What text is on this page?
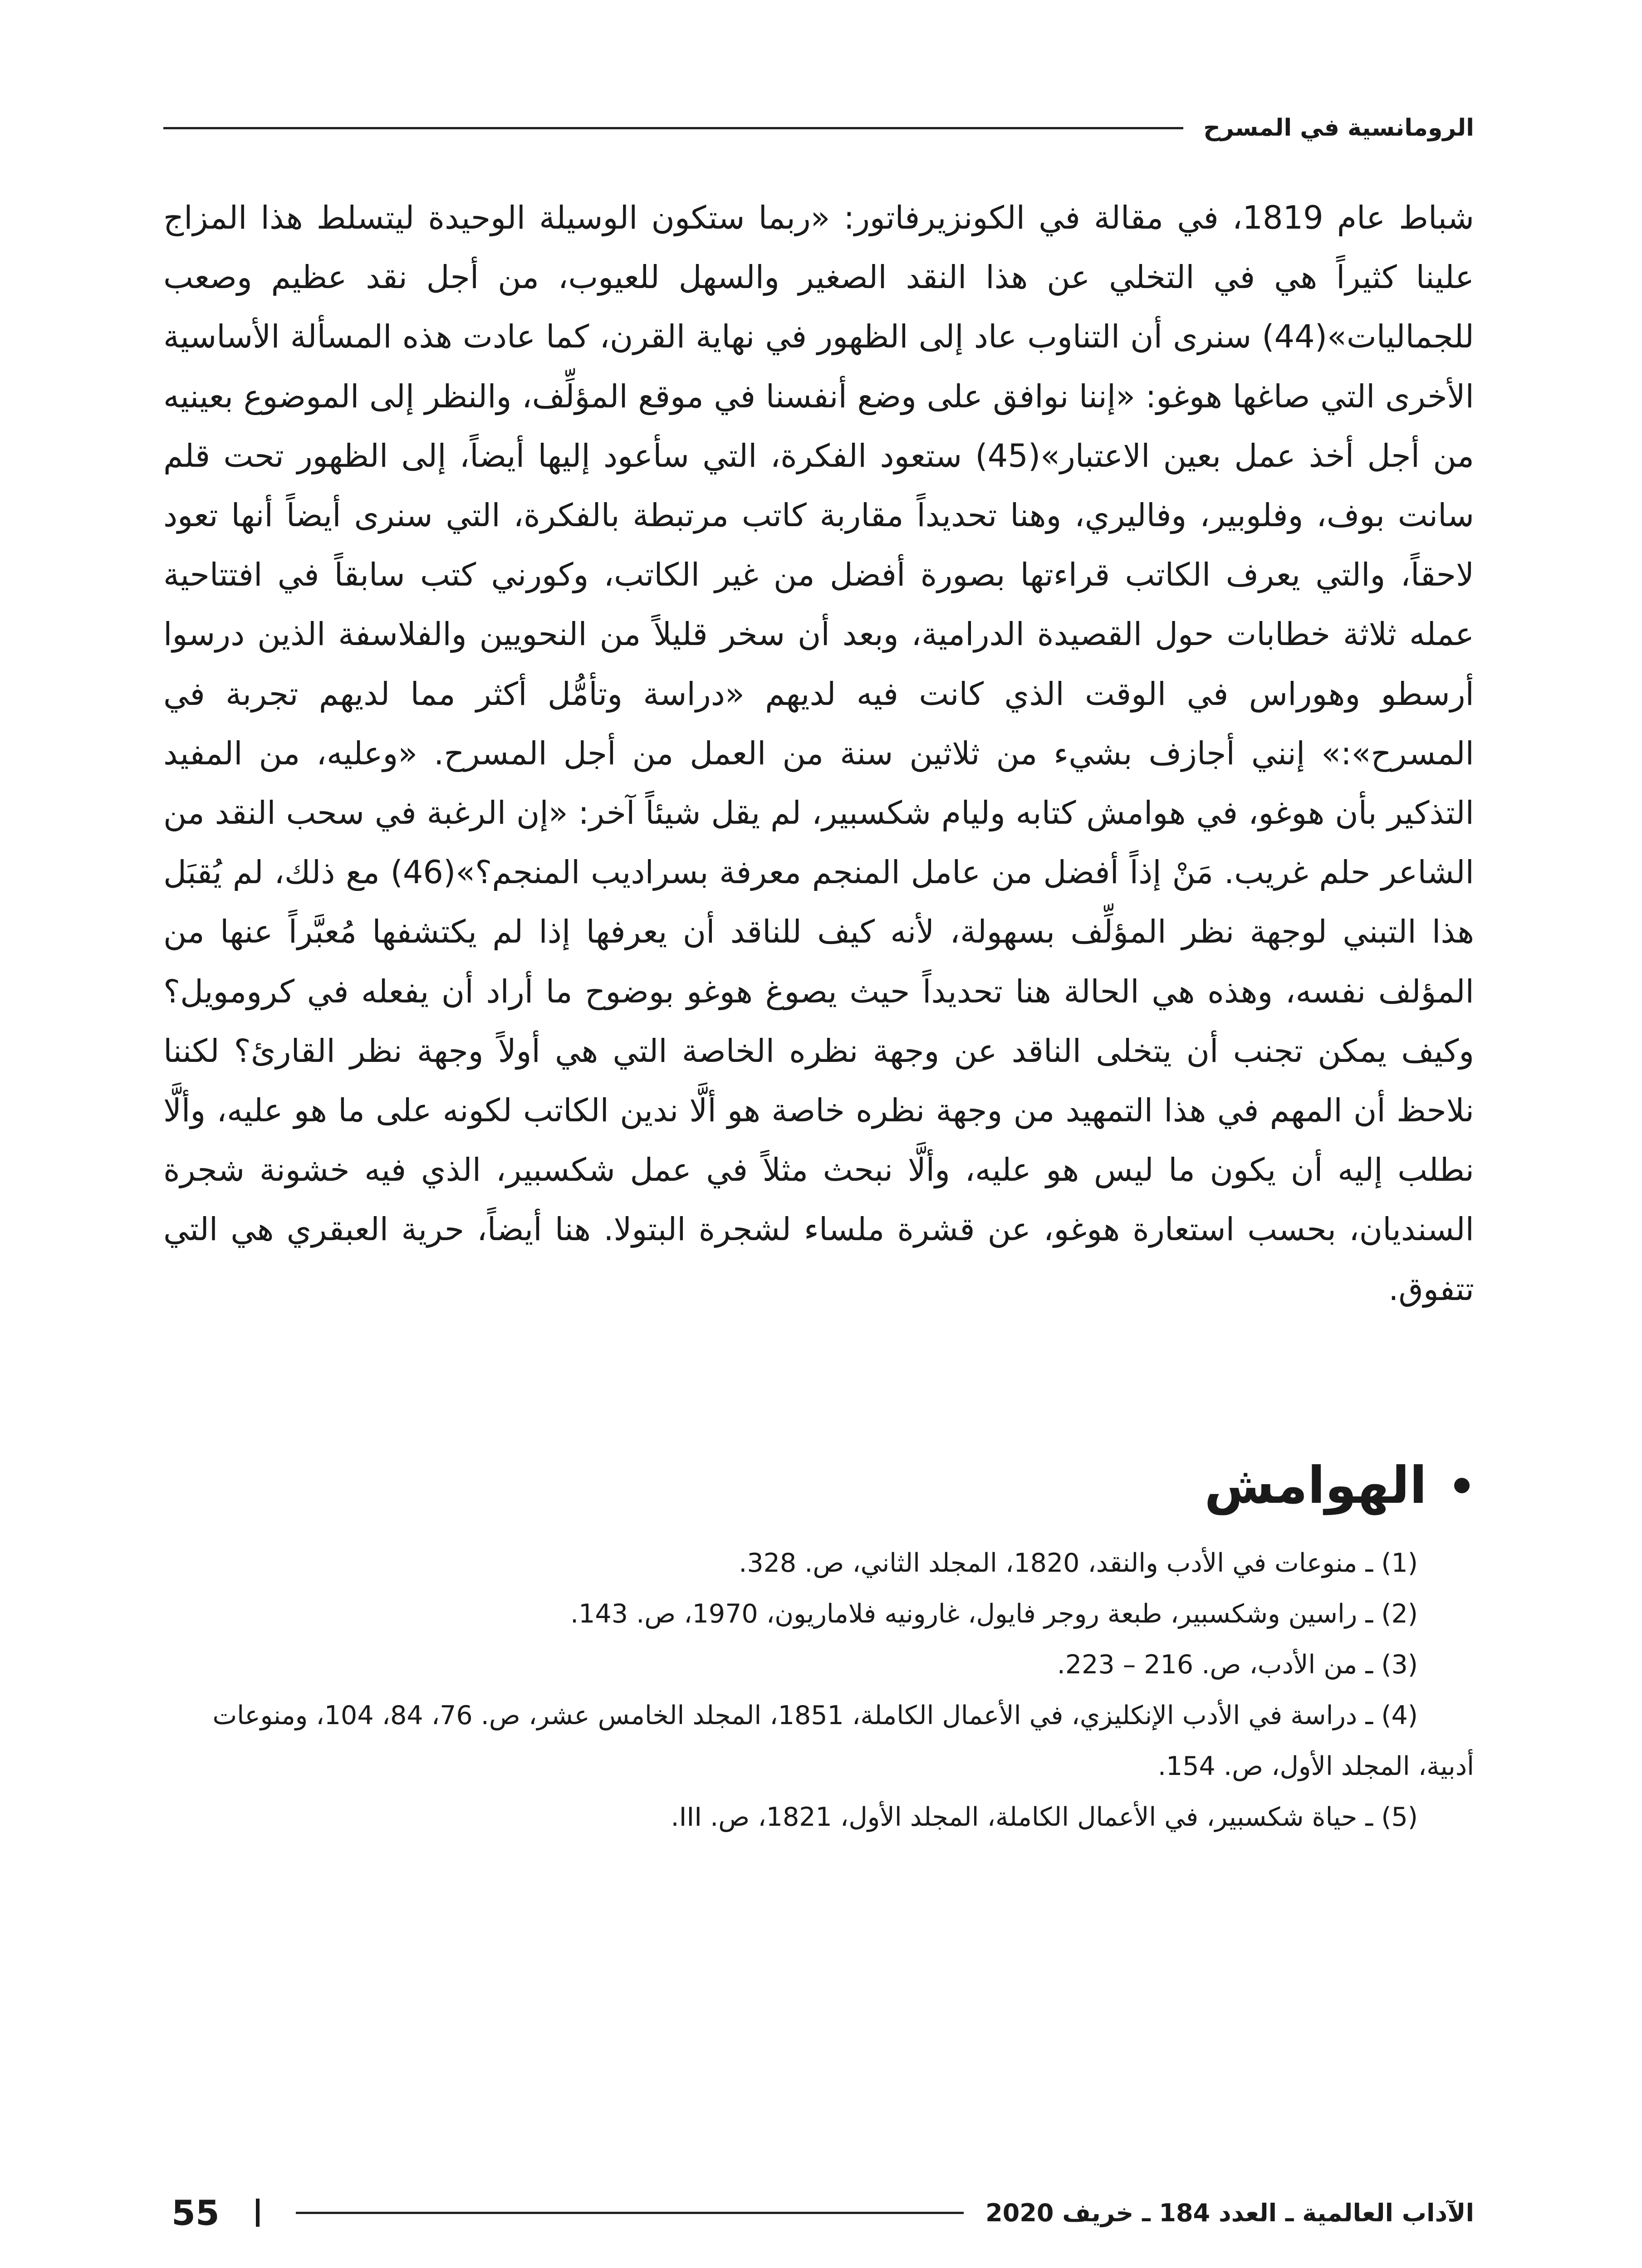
الرومانسية في المسرح

شباط عام 1819، في مقالة في الكونزيرفاتور: «ربما ستكون الوسيلة الوحيدة ليتسلط هذا المزاج علينا كثيراً هي في التخلي عن هذا النقد الصغير والسهل للعيوب، من أجل نقد عظيم وصعب للجماليات»(44) سنرى أن التناوب عاد إلى الظهور في نهاية القرن، كما عادت هذه المسألة الأساسية الأخرى التي صاغها هوغو: «إننا نوافق على وضع أنفسنا في موقع المؤلِّف، والنظر إلى الموضوع بعينيه من أجل أخذ عمل بعين الاعتبار»(45) ستعود الفكرة، التي سأعود إليها أيضاً، إلى الظهور تحت قلم سانت بوف، وفلوبير، وفاليري، وهنا تحديداً مقاربة كاتب مرتبطة بالفكرة، التي سنرى أيضاً أنها تعود لاحقاً، والتي يعرف الكاتب قراءتها بصورة أفضل من غير الكاتب، وكورني كتب سابقاً في افتتاحية عمله ثلاثة خطابات حول القصيدة الدرامية، وبعد أن سخر قليلاً من النحويين والفلاسفة الذين درسوا أرسطو وهوراس في الوقت الذي كانت فيه لديهم «دراسة وتأمُّل أكثر مما لديهم تجربة في المسرح»:» إنني أجازف بشيء من ثلاثين سنة من العمل من أجل المسرح. «وعليه، من المفيد التذكير بأن هوغو، في هوامش كتابه وليام شكسبير، لم يقل شيئاً آخر: «إن الرغبة في سحب النقد من الشاعر حلم غريب. مَنْ إذاً أفضل من عامل المنجم معرفة بسراديب المنجم؟»(46) مع ذلك، لم يُقبَل هذا التبني لوجهة نظر المؤلِّف بسهولة، لأنه كيف للناقد أن يعرفها إذا لم يكتشفها مُعبَّراً عنها من المؤلف نفسه، وهذه هي الحالة هنا تحديداً حيث يصوغ هوغو بوضوح ما أراد أن يفعله في كرومويل؟ وكيف يمكن تجنب أن يتخلى الناقد عن وجهة نظره الخاصة التي هي أولاً وجهة نظر القارئ؟ لكننا نلاحظ أن المهم في هذا التمهيد من وجهة نظره خاصة هو ألَّا ندين الكاتب لكونه على ما هو عليه، وألَّا نطلب إليه أن يكون ما ليس هو عليه، وألَّا نبحث مثلاً في عمل شكسبير، الذي فيه خشونة شجرة السنديان، بحسب استعارة هوغو، عن قشرة ملساء لشجرة البتولا. هنا أيضاً، حرية العبقري هي التي تتفوق.

الهوامش
(1) ـ منوعات في الأدب والنقد، 1820، المجلد الثاني، ص. 328.
(2) ـ راسين وشكسبير، طبعة روجر فايول، غارونيه فلاماريون، 1970، ص. 143.
(3) ـ من الأدب، ص. 216 – 223.
(4) ـ دراسة في الأدب الإنكليزي، في الأعمال الكاملة، 1851، المجلد الخامس عشر، ص. 76، 84، 104، ومنوعات أدبية، المجلد الأول، ص. 154.
(5) ـ حياة شكسبير، في الأعمال الكاملة، المجلد الأول، 1821، ص. III.
55	الآداب العالمية ـ العدد 184 ـ خريف 2020
